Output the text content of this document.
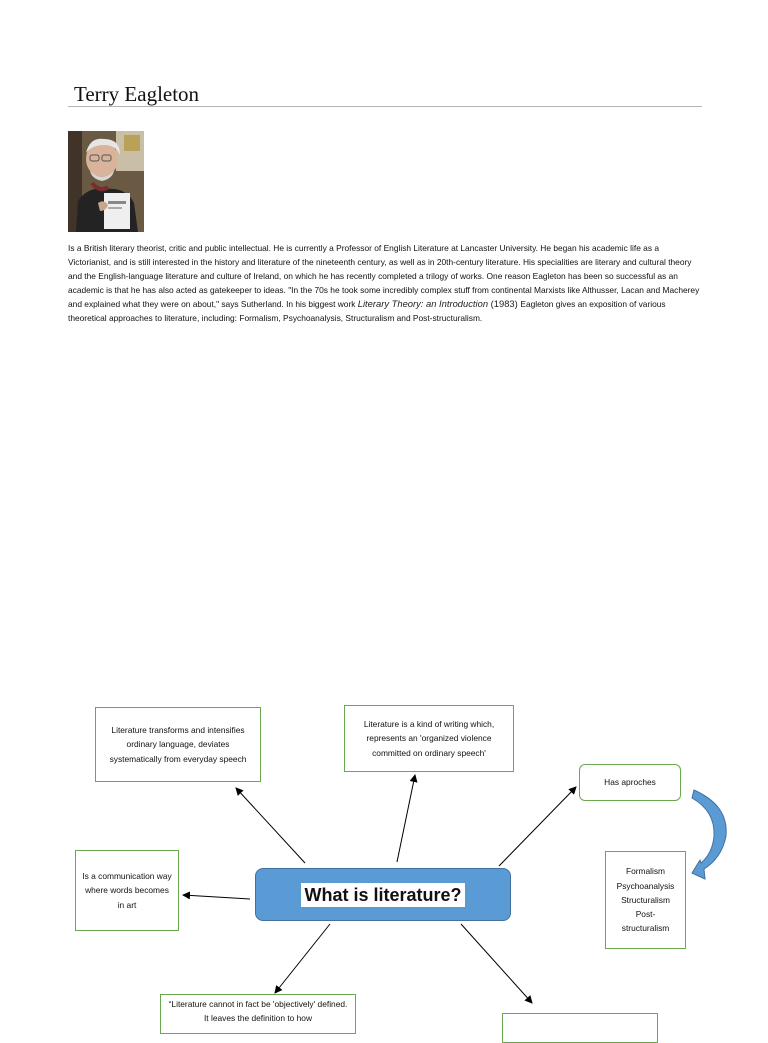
Terry Eagleton
Is a British literary theorist, critic and public intellectual. He is currently a Professor of English Literature at Lancaster University. He began his academic life as a Victorianist, and is still interested in the history and literature of the nineteenth century, as well as in 20th-century literature. His specialities are literary and cultural theory and the English-language literature and culture of Ireland, on which he has recently completed a trilogy of works. One reason Eagleton has been so successful as an academic is that he has also acted as gatekeeper to ideas. "In the 70s he took some incredibly complex stuff from continental Marxists like Althusser, Lacan and Macherey and explained what they were on about," says Sutherland. In his biggest work Literary Theory: an Introduction (1983) Eagleton gives an exposition of various theoretical approaches to literature, including: Formalism, Psychoanalysis, Structuralism and Post-structuralism.
Literature transforms and intensifies ordinary language, deviates systematically from everyday speech
Literature is a kind of writing which, represents an 'organized violence committed on ordinary speech'
Has aproches
Formalism
Psychoanalysis
Structuralism
Post-
structuralism
Is a communication way where words becomes in art
What is literature?
“Literature cannot in fact be 'objectively' defined. It leaves the definition to how
